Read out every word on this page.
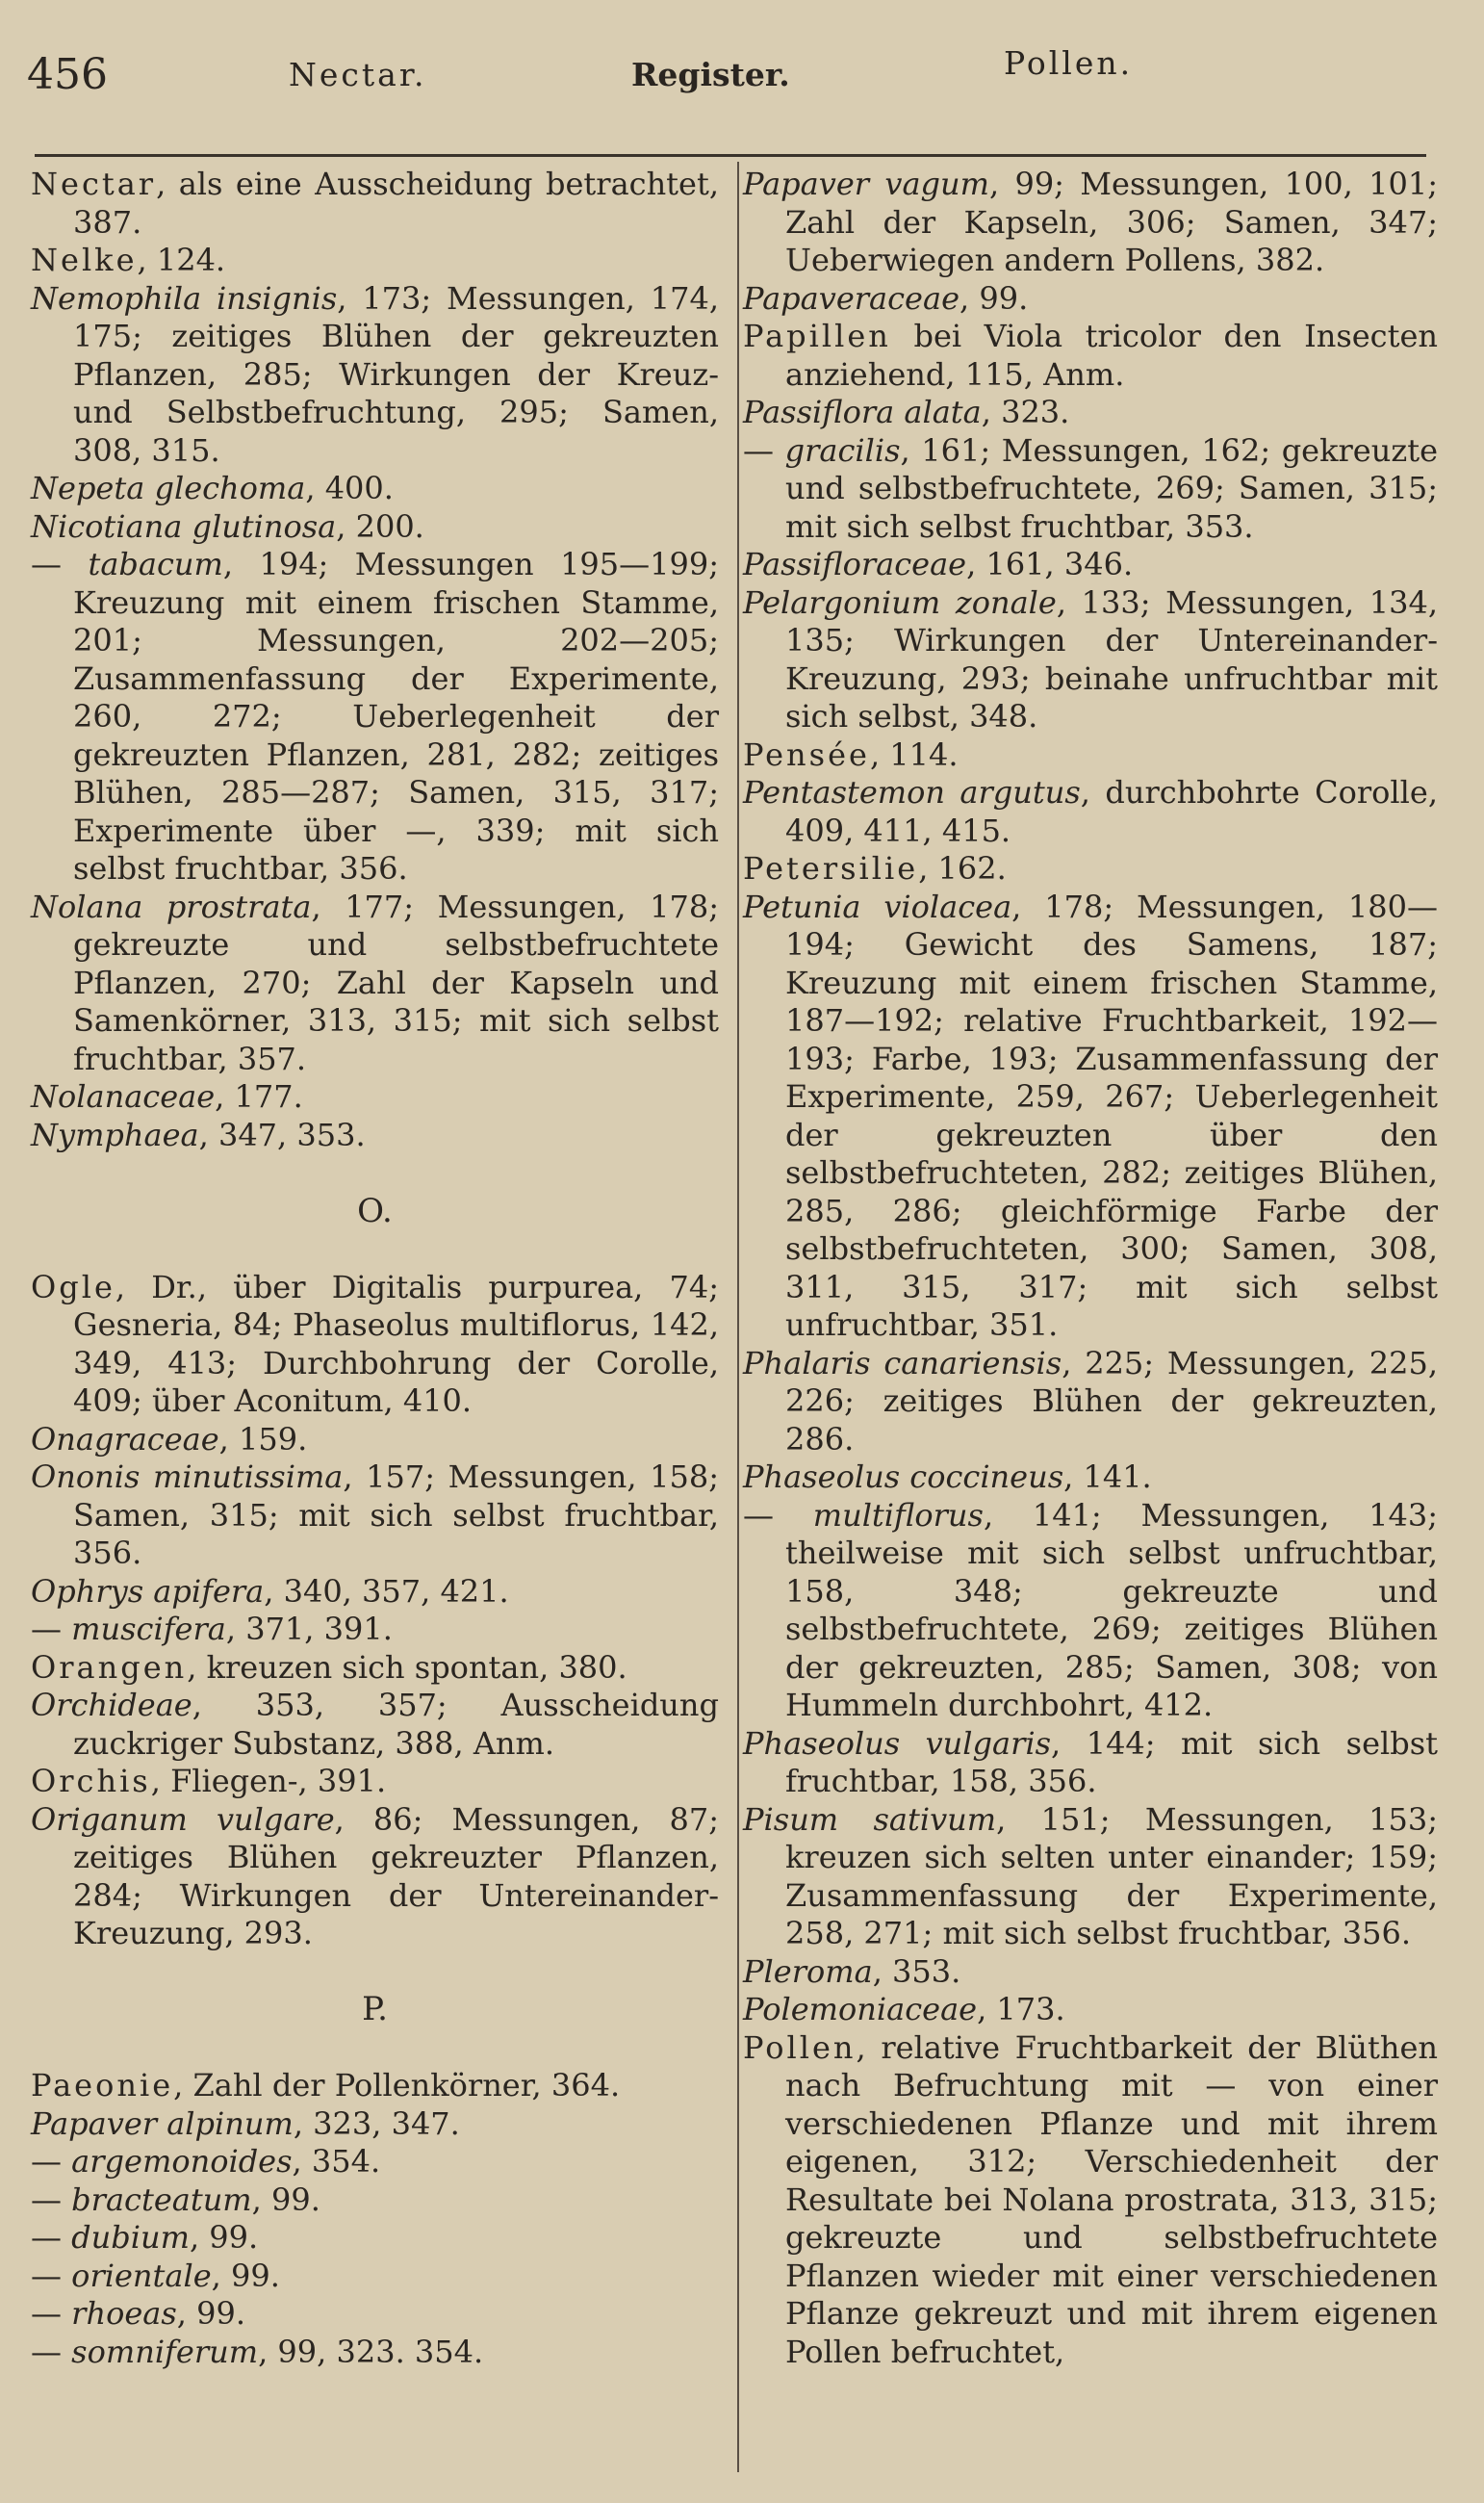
456	Nectar.	Register.	Pollen.

Nectar, als eine Ausscheidung betrachtet, 387.

Nelke, 124.

Nemophila insignis, 173; Messungen, 174, 175; zeitiges Blühen der gekreuzten Pflanzen, 285; Wirkungen der Kreuz- und Selbstbefruchtung, 295; Samen, 308, 315.

Nepeta glechoma, 400.

Nicotiana glutinosa, 200.

— tabacum, 194; Messungen 195—199; Kreuzung mit einem frischen Stamme, 201; Messungen, 202—205; Zusammenfassung der Experimente, 260, 272; Ueberlegenheit der gekreuzten Pflanzen, 281, 282; zeitiges Blühen, 285—287; Samen, 315, 317; Experimente über —, 339; mit sich selbst fruchtbar, 356.

Nolana prostrata, 177; Messungen, 178; gekreuzte und selbstbefruchtete Pflanzen, 270; Zahl der Kapseln und Samenkörner, 313, 315; mit sich selbst fruchtbar, 357.

Nolanaceae, 177.

Nymphaea, 347, 353.

O.

Ogle, Dr., über Digitalis purpurea, 74; Gesneria, 84; Phaseolus multiflorus, 142, 349, 413; Durchbohrung der Corolle, 409; über Aconitum, 410.

Onagraceae, 159.

Ononis minutissima, 157; Messungen, 158; Samen, 315; mit sich selbst fruchtbar, 356.

Ophrys apifera, 340, 357, 421.

— muscifera, 371, 391.

Orangen, kreuzen sich spontan, 380.

Orchideae, 353, 357; Ausscheidung zuckriger Substanz, 388, Anm.

Orchis, Fliegen-, 391.

Origanum vulgare, 86; Messungen, 87; zeitiges Blühen gekreuzter Pflanzen, 284; Wirkungen der Untereinander-Kreuzung, 293.

P.

Paeonie, Zahl der Pollenkörner, 364.

Papaver alpinum, 323, 347.

— argemonoides, 354.

— bracteatum, 99.

— dubium, 99.

— orientale, 99.

— rhoeas, 99.

— somniferum, 99, 323. 354.

Papaver vagum, 99; Messungen, 100, 101; Zahl der Kapseln, 306; Samen, 347; Ueberwiegen andern Pollens, 382.

Papaveraceae, 99.

Papillen bei Viola tricolor den Insecten anziehend, 115, Anm.

Passiflora alata, 323.

— gracilis, 161; Messungen, 162; gekreuzte und selbstbefruchtete, 269; Samen, 315; mit sich selbst fruchtbar, 353.

Passifloraceae, 161, 346.

Pelargonium zonale, 133; Messungen, 134, 135; Wirkungen der Untereinander-Kreuzung, 293; beinahe unfruchtbar mit sich selbst, 348.

Pensée, 114.

Pentastemon argutus, durchbohrte Corolle, 409, 411, 415.

Petersilie, 162.

Petunia violacea, 178; Messungen, 180—194; Gewicht des Samens, 187; Kreuzung mit einem frischen Stamme, 187—192; relative Fruchtbarkeit, 192—193; Farbe, 193; Zusammenfassung der Experimente, 259, 267; Ueberlegenheit der gekreuzten über den selbstbefruchteten, 282; zeitiges Blühen, 285, 286; gleichförmige Farbe der selbstbefruchteten, 300; Samen, 308, 311, 315, 317; mit sich selbst unfruchtbar, 351.

Phalaris canariensis, 225; Messungen, 225, 226; zeitiges Blühen der gekreuzten, 286.

Phaseolus coccineus, 141.

— multiflorus, 141; Messungen, 143; theilweise mit sich selbst unfruchtbar, 158, 348; gekreuzte und selbstbefruchtete, 269; zeitiges Blühen der gekreuzten, 285; Samen, 308; von Hummeln durchbohrt, 412.

Phaseolus vulgaris, 144; mit sich selbst fruchtbar, 158, 356.

Pisum sativum, 151; Messungen, 153; kreuzen sich selten unter einander; 159; Zusammenfassung der Experimente, 258, 271; mit sich selbst fruchtbar, 356.

Pleroma, 353.

Polemoniaceae, 173.

Pollen, relative Fruchtbarkeit der Blüthen nach Befruchtung mit — von einer verschiedenen Pflanze und mit ihrem eigenen, 312; Verschiedenheit der Resultate bei Nolana prostrata, 313, 315; gekreuzte und selbstbefruchtete Pflanzen wieder mit einer verschiedenen Pflanze gekreuzt und mit ihrem eigenen Pollen befruchtet,
